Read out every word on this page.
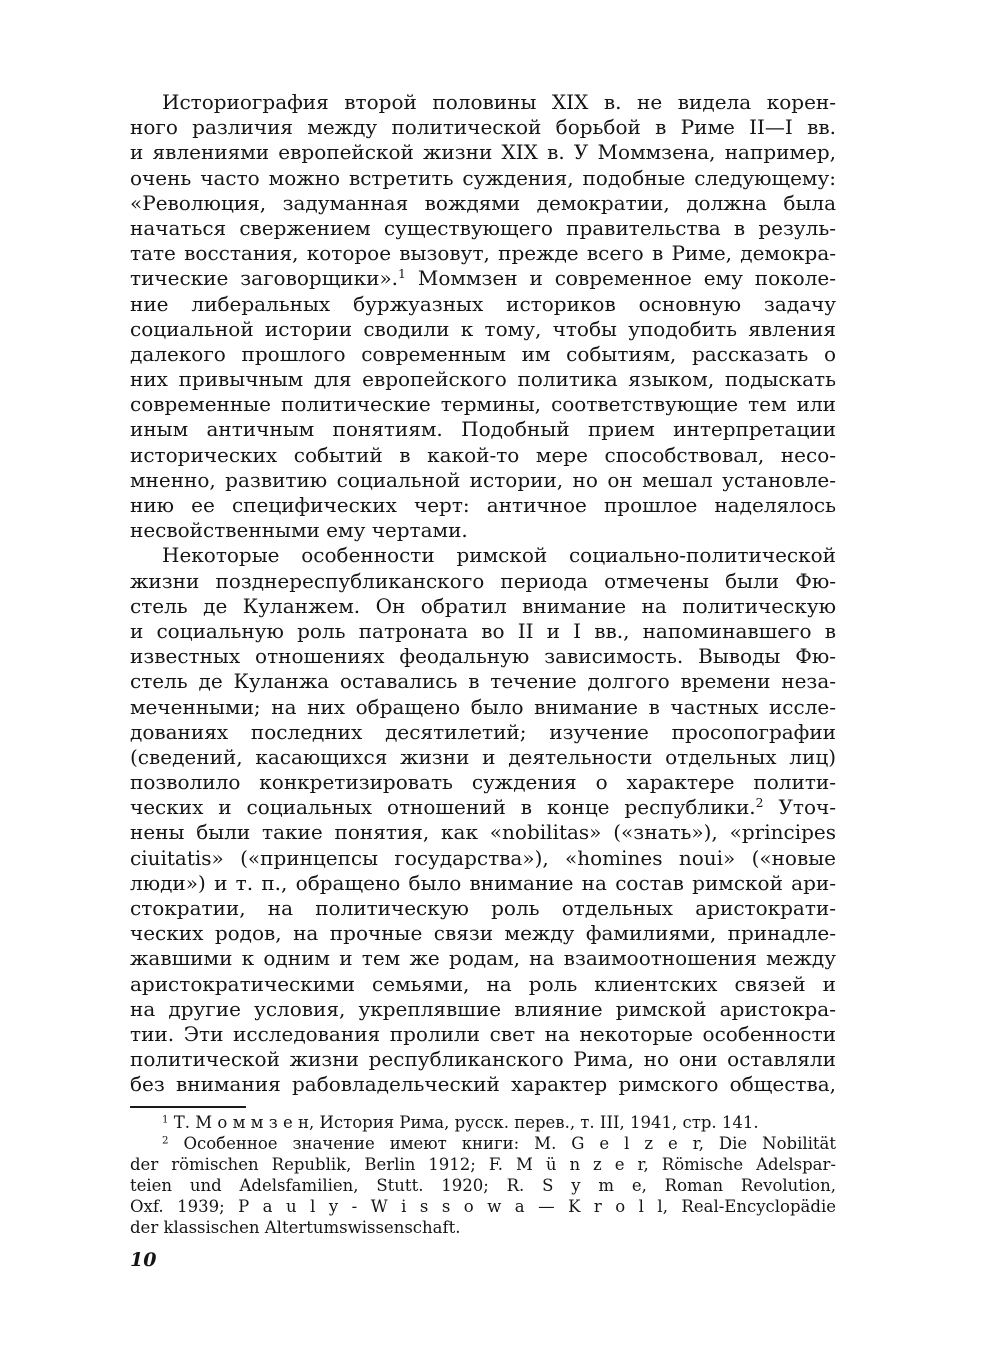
Историография второй половины XIX в. не видела корен-
ного различия между политической борьбой в Риме II—I вв.
и явлениями европейской жизни XIX в. У Моммзена, например,
очень часто можно встретить суждения, подобные следующему:
«Революция, задуманная вождями демократии, должна была
начаться свержением существующего правительства в резуль-
тате восстания, которое вызовут, прежде всего в Риме, демокра-
тические заговорщики».$^1$ Моммзен и современное ему поколе-
ние либеральных буржуазных историков основную задачу
социальной истории сводили к тому, чтобы уподобить явления
далекого прошлого современным им событиям, рассказать о
них привычным для европейского политика языком, подыскать
современные политические термины, соответствующие тем или
иным античным понятиям. Подобный прием интерпретации
исторических событий в какой-то мере способствовал, несо-
мненно, развитию социальной истории, но он мешал установле-
нию ее специфических черт: античное прошлое наделялось
несвойственными ему чертами.
Некоторые особенности римской социально-политической
жизни позднереспубликанского периода отмечены были Фю-
стель де Куланжем. Он обратил внимание на политическую
и социальную роль патроната во II и I вв., напоминавшего в
известных отношениях феодальную зависимость. Выводы Фю-
стель де Куланжа оставались в течение долгого времени неза-
меченными; на них обращено было внимание в частных иссле-
дованиях последних десятилетий; изучение просопографии
(сведений, касающихся жизни и деятельности отдельных лиц)
позволило конкретизировать суждения о характере полити-
ческих и социальных отношений в конце республики.$^2$ Уточ-
нены были такие понятия, как «nobilitas» («знать»), «principes
ciuitatis» («принцепсы государства»), «homines noui» («новые
люди») и т. п., обращено было внимание на состав римской ари-
стократии, на политическую роль отдельных аристократи-
ческих родов, на прочные связи между фамилиями, принадле-
жавшими к одним и тем же родам, на взаимоотношения между
аристократическими семьями, на роль клиентских связей и
на другие условия, укреплявшие влияние римской аристокра-
тии. Эти исследования пролили свет на некоторые особенности
политической жизни республиканского Рима, но они оставляли
без внимания рабовладельческий характер римского общества,
$^1$ Т. М о м м з е н, История Рима, русск. перев., т. III, 1941, стр. 141.
$^2$ Особенное значение имеют книги: M. G e l z e r, Die Nobilität
der römischen Republik, Berlin 1912; F. M ü n z e r, Römische Adelspar-
teien und Adelsfamilien, Stutt. 1920; R. S y m e, Roman Revolution,
Oxf. 1939; P a u l y - W i s s o w a — K r o l l, Real-Encyclopädie
der klassischen Altertumswissenschaft.
10
